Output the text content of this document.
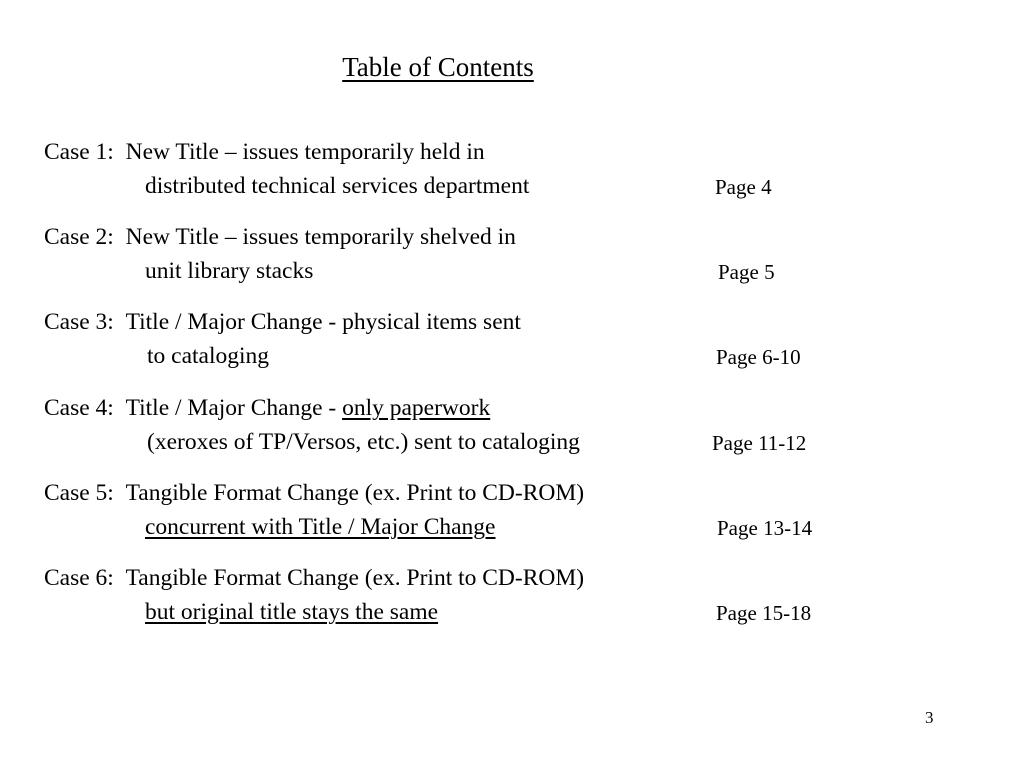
Table of Contents
Case 1: New Title – issues temporarily held in
distributed technical services department	Page 4
Case 2: New Title – issues temporarily shelved in
unit library stacks	Page 5
Case 3: Title / Major Change - physical items sent
to cataloging	Page 6-10
Case 4: Title / Major Change - only paperwork
(xeroxes of TP/Versos, etc.) sent to cataloging	Page 11-12
Case 5: Tangible Format Change (ex. Print to CD-ROM)
concurrent with Title / Major Change	Page 13-14
Case 6: Tangible Format Change (ex. Print to CD-ROM)
but original title stays the same	Page 15-18
3
